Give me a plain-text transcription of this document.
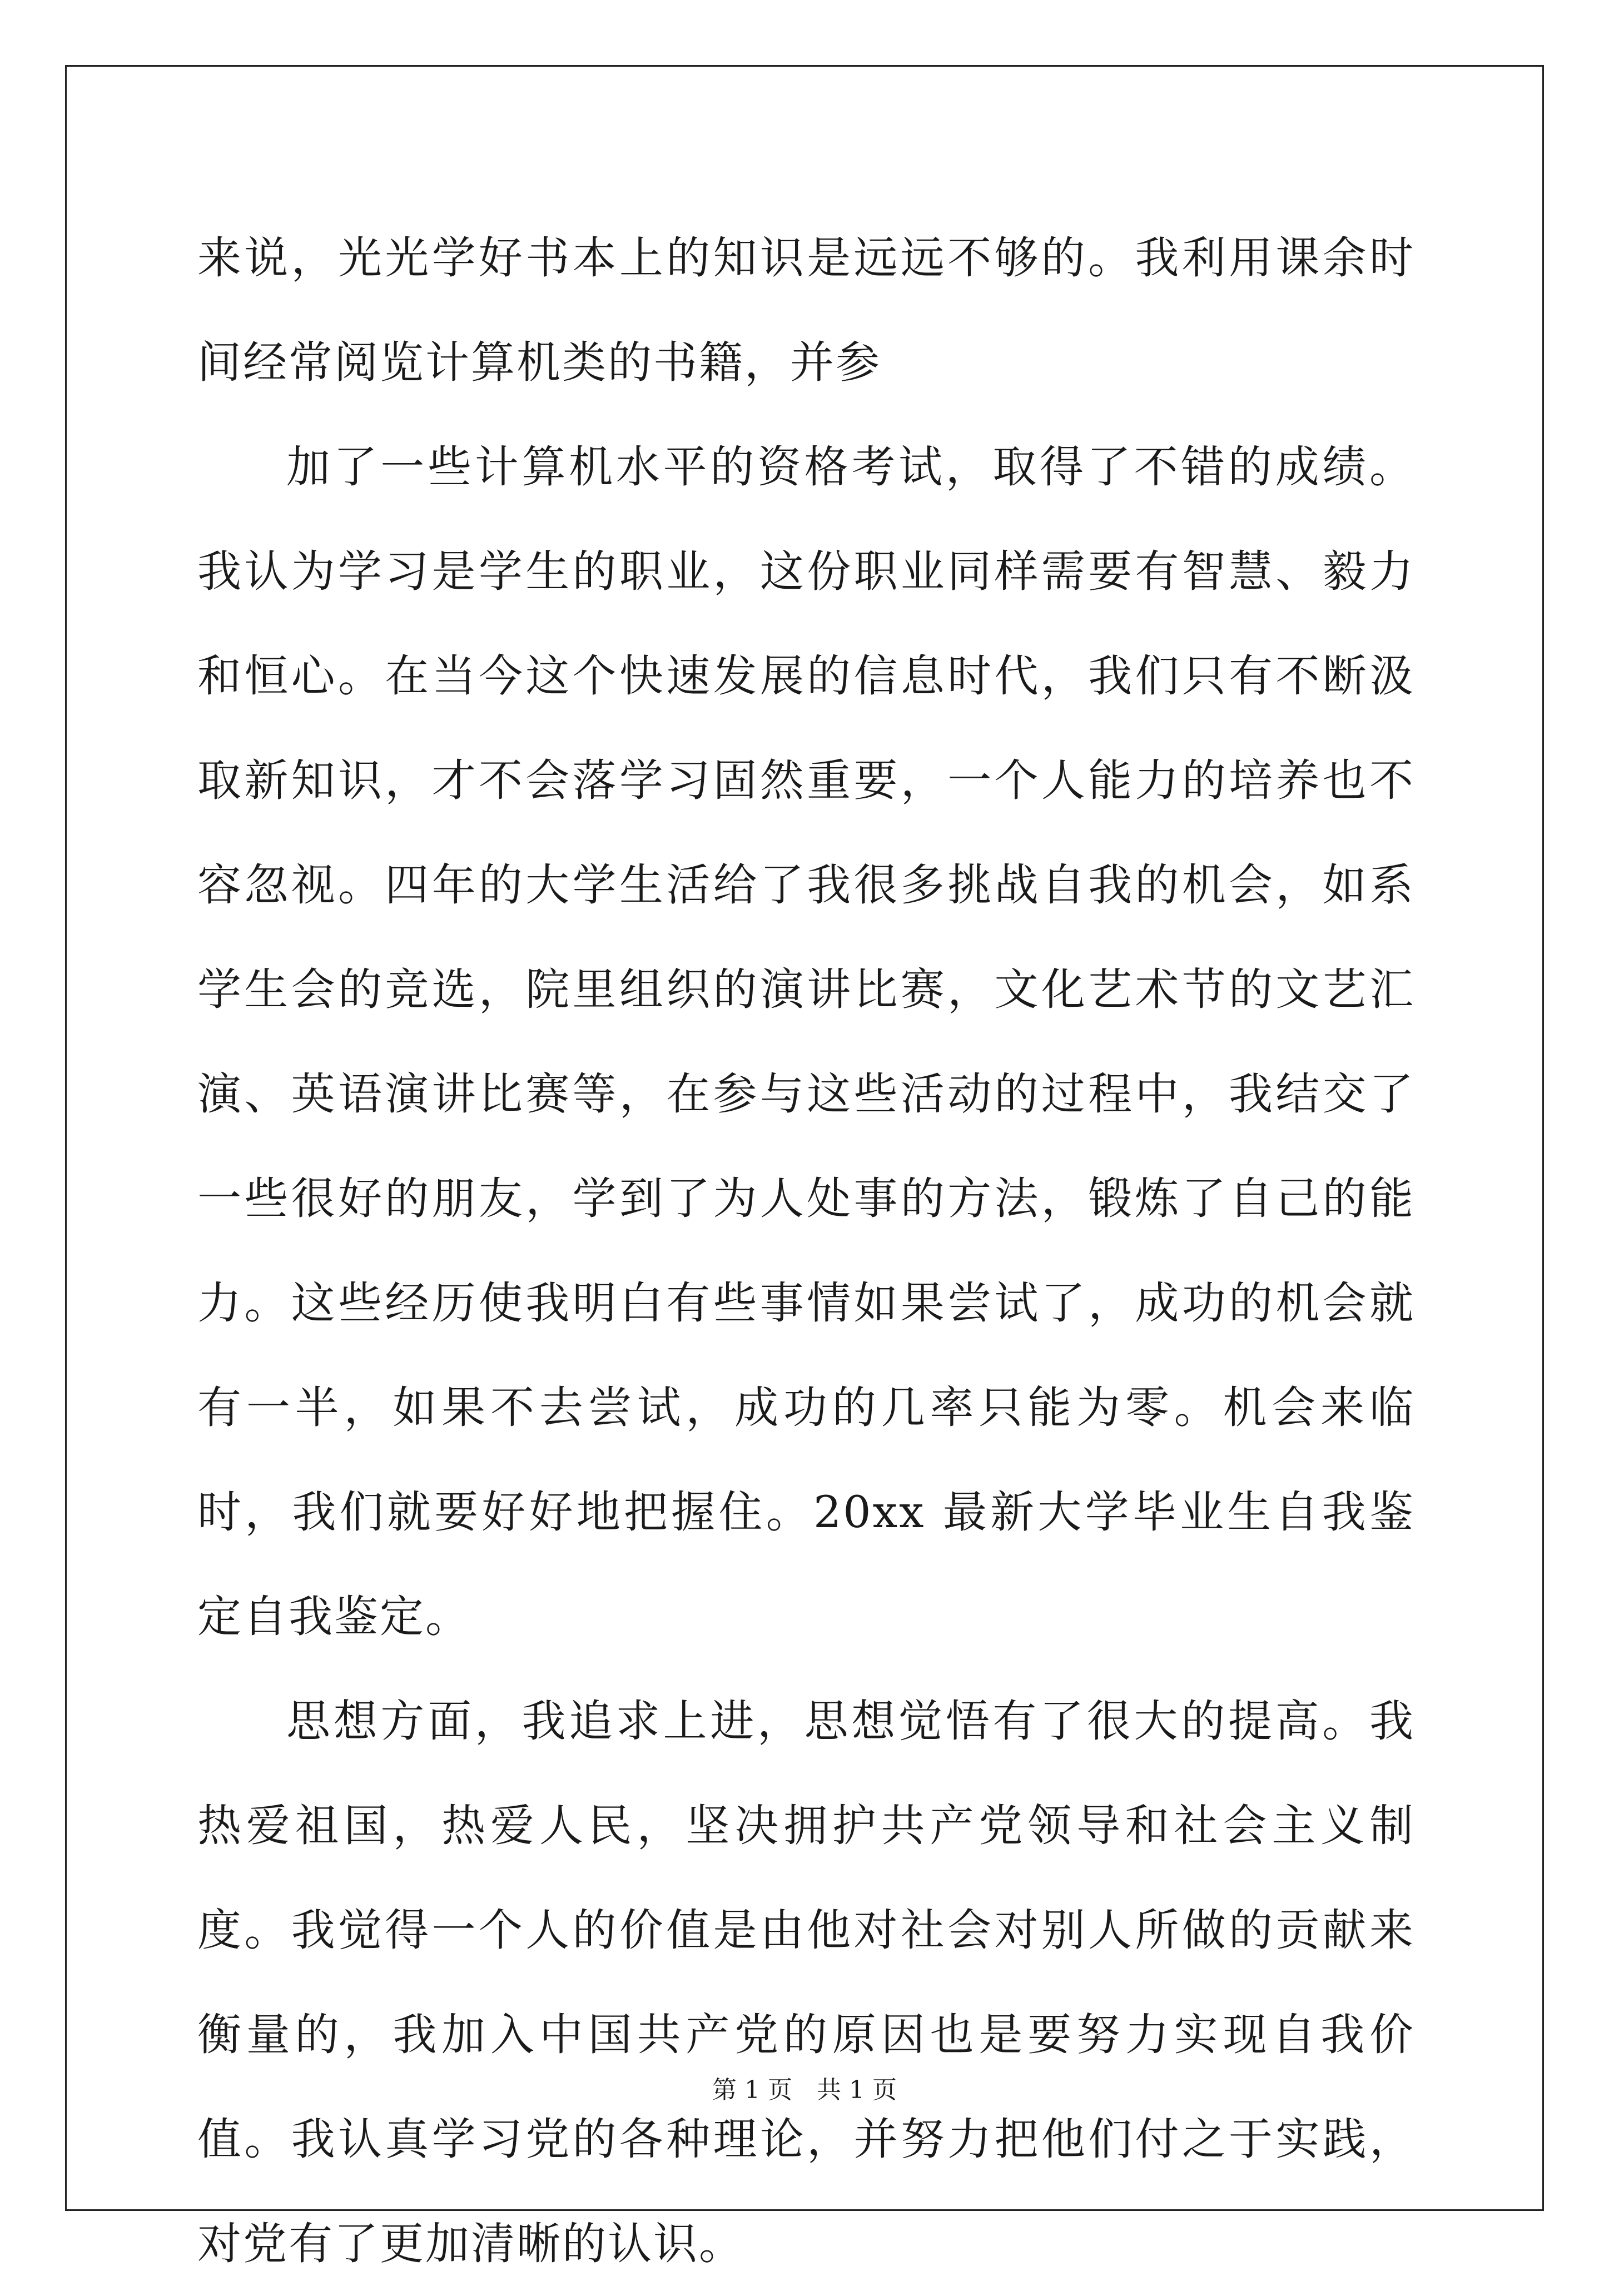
来说，光光学好书本上的知识是远远不够的。我利用课余时间经常阅览计算机类的书籍，并参

加了一些计算机水平的资格考试，取得了不错的成绩。我认为学习是学生的职业，这份职业同样需要有智慧、毅力和恒心。在当今这个快速发展的信息时代，我们只有不断汲取新知识，才不会落学习固然重要，一个人能力的培养也不容忽视。四年的大学生活给了我很多挑战自我的机会，如系学生会的竞选，院里组织的演讲比赛，文化艺术节的文艺汇演、英语演讲比赛等，在参与这些活动的过程中，我结交了一些很好的朋友，学到了为人处事的方法，锻炼了自己的能力。这些经历使我明白有些事情如果尝试了，成功的机会就有一半，如果不去尝试，成功的几率只能为零。机会来临时，我们就要好好地把握住。20xx 最新大学毕业生自我鉴定自我鉴定。

思想方面，我追求上进，思想觉悟有了很大的提高。我热爱祖国，热爱人民，坚决拥护共产党领导和社会主义制度。我觉得一个人的价值是由他对社会对别人所做的贡献来衡量的，我加入中国共产党的原因也是要努力实现自我价值。我认真学习党的各种理论，并努力把他们付之于实践，对党有了更加清晰的认识。

第 1 页　共 1 页
